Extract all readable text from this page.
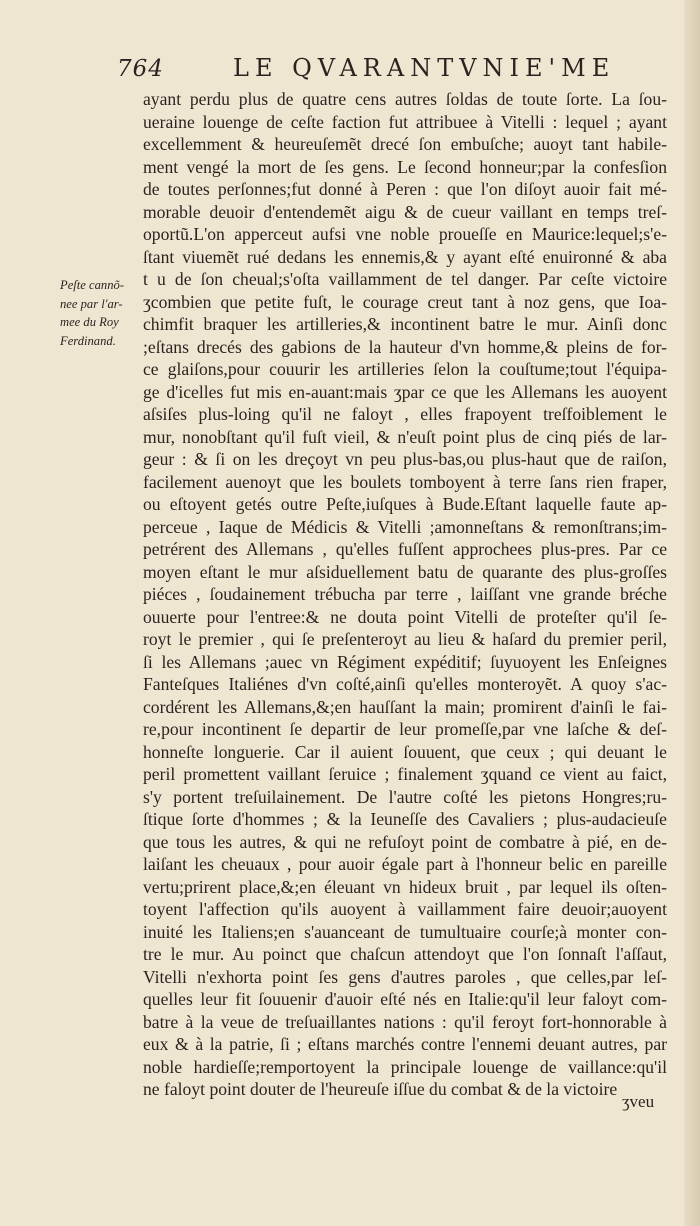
764	LE QVARANTVNIE'ME
Peſte cannõ-
nee par l'ar-
mee du Roy
Ferdinand.
ayant perdu plus de quatre cens autres ſoldas de toute ſorte. La ſou-
ueraine louenge de ceſte faction fut attribuee à Vitelli : lequel ; ayant
excellemment & heureuſemẽt drecé ſon embuſche; auoyt tant habile-
ment vengé la mort de ſes gens. Le ſecond honneur;par la confesſion
de toutes perſonnes;fut donné à Peren : que l'on diſoyt auoir fait mé-
morable deuoir d'entendemẽt aigu & de cueur vaillant en temps treſ-
oportũ.L'on apperceut aufsi vne noble proueſſe en Maurice:lequel;s'e-
ſtant viuemẽt rué dedans les ennemis,& y ayant eſté enuironné & aba
t u de ſon cheual;s'oſta vaillamment de tel danger. Par ceſte victoire
ʒcombien que petite fuſt, le courage creut tant à noz gens, que Ioa-
chimfit braquer les artilleries,& incontinent batre le mur. Ainſi donc
;eſtans drecés des gabions de la hauteur d'vn homme,& pleins de for-
ce glaiſons,pour couurir les artilleries ſelon la couſtume;tout l'équipa-
ge d'icelles fut mis en-auant:mais ʒpar ce que les Allemans les auoyent
aſsiſes plus-loing qu'il ne faloyt , elles frapoyent treſfoiblement le
mur, nonobſtant qu'il fuſt vieil, & n'euſt point plus de cinq piés de lar-
geur : & ſi on les dreçoyt vn peu plus-bas,ou plus-haut que de raiſon,
facilement auenoyt que les boulets tomboyent à terre ſans rien fraper,
ou eſtoyent getés outre Peſte,iuſques à Bude.Eſtant laquelle faute ap-
perceue , Iaque de Médicis & Vitelli ;amonneſtans & remonſtrans;im-
petrérent des Allemans , qu'elles fuſſent approchees plus-pres. Par ce
moyen eſtant le mur aſsiduellement batu de quarante des plus-groſſes
piéces , ſoudainement trébucha par terre , laiſſant vne grande bréche
ouuerte pour l'entree:& ne douta point Vitelli de proteſter qu'il ſe-
royt le premier , qui ſe preſenteroyt au lieu & haſard du premier peril,
ſi les Allemans ;auec vn Régiment expéditif; ſuyuoyent les Enſeignes
Fanteſques Italiénes d'vn coſté,ainſi qu'elles monteroyẽt. A quoy s'ac-
cordérent les Allemans,&;en hauſſant la main; promirent d'ainſi le fai-
re,pour incontinent ſe departir de leur promeſſe,par vne laſche & deſ-
honneſte longuerie. Car il auient ſouuent, que ceux ; qui deuant le
peril promettent vaillant ſeruice ; finalement ʒquand ce vient au faict,
s'y portent treſuilainement. De l'autre coſté les pietons Hongres;ru-
ſtique ſorte d'hommes ; & la Ieuneſſe des Cavaliers ; plus-audacieuſe
que tous les autres, & qui ne refuſoyt point de combatre à pié, en de-
laiſant les cheuaux , pour auoir égale part à l'honneur belic en pareille
vertu;prirent place,&;en éleuant vn hideux bruit , par lequel ils oſten-
toyent l'affection qu'ils auoyent à vaillamment faire deuoir;auoyent
inuité les Italiens;en s'auanceant de tumultuaire courſe;à monter con-
tre le mur. Au poinct que chaſcun attendoyt que l'on ſonnaſt l'aſſaut,
Vitelli n'exhorta point ſes gens d'autres paroles , que celles,par leſ-
quelles leur fit ſouuenir d'auoir eſté nés en Italie:qu'il leur faloyt com-
batre à la veue de treſuaillantes nations : qu'il feroyt fort-honnorable à
eux & à la patrie, ſi ; eſtans marchés contre l'ennemi deuant autres, par
noble hardieſſe;remportoyent la principale louenge de vaillance:qu'il
ne faloyt point douter de l'heureuſe iſſue du combat & de la victoire
ʒveu
